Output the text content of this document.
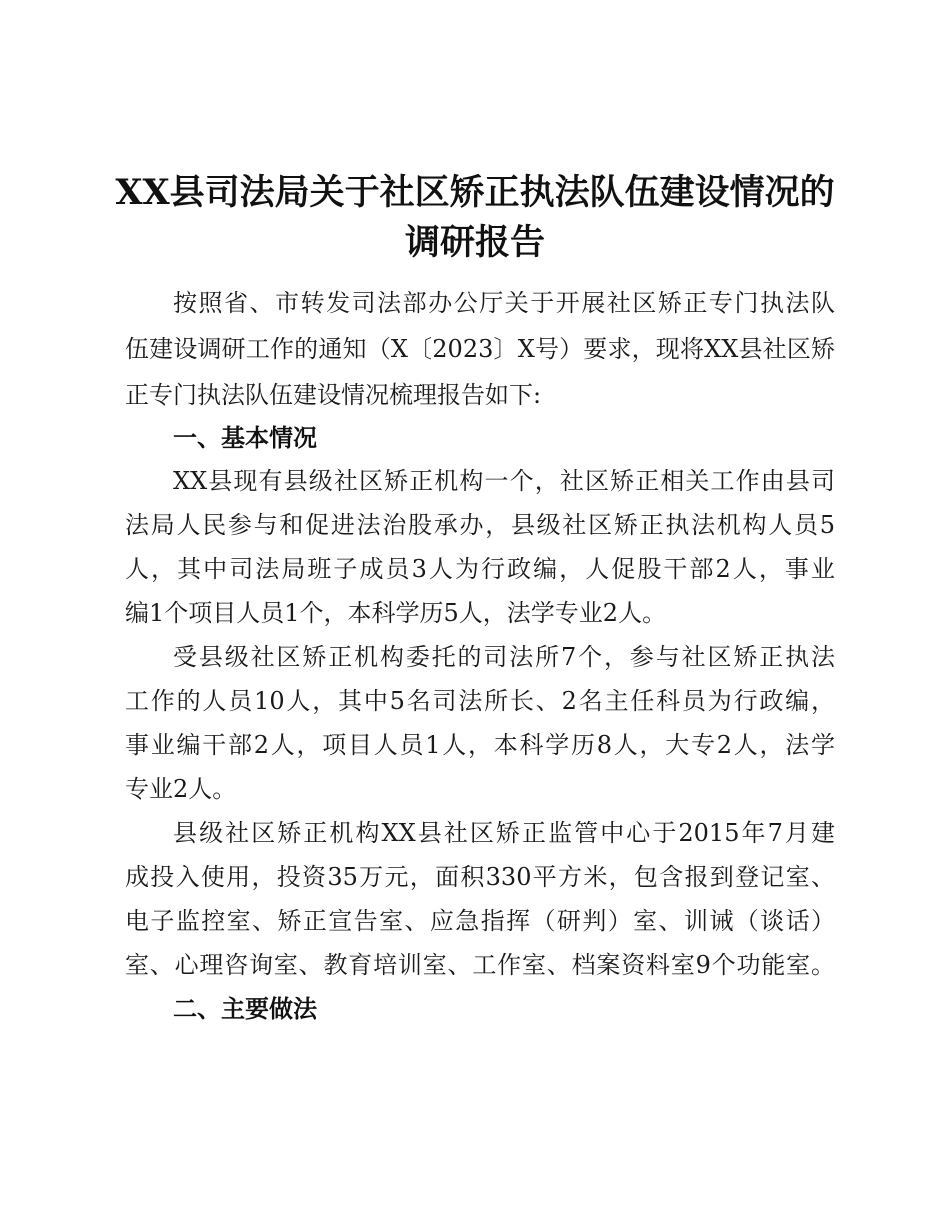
XX县司法局关于社区矫正执法队伍建设情况的
调研报告
按照省、市转发司法部办公厅关于开展社区矫正专门执法队
伍建设调研工作的通知（X〔2023〕X号）要求，现将XX县社区矫
正专门执法队伍建设情况梳理报告如下:
一、基本情况
XX县现有县级社区矫正机构一个，社区矫正相关工作由县司
法局人民参与和促进法治股承办，县级社区矫正执法机构人员5
人，其中司法局班子成员3人为行政编，人促股干部2人，事业
编1个项目人员1个，本科学历5人，法学专业2人。
受县级社区矫正机构委托的司法所7个，参与社区矫正执法
工作的人员10人，其中5名司法所长、2名主任科员为行政编，
事业编干部2人，项目人员1人，本科学历8人，大专2人，法学
专业2人。
县级社区矫正机构XX县社区矫正监管中心于2015年7月建
成投入使用，投资35万元，面积330平方米，包含报到登记室、
电子监控室、矫正宣告室、应急指挥（研判）室、训诫（谈话）
室、心理咨询室、教育培训室、工作室、档案资料室9个功能室。
二、主要做法
